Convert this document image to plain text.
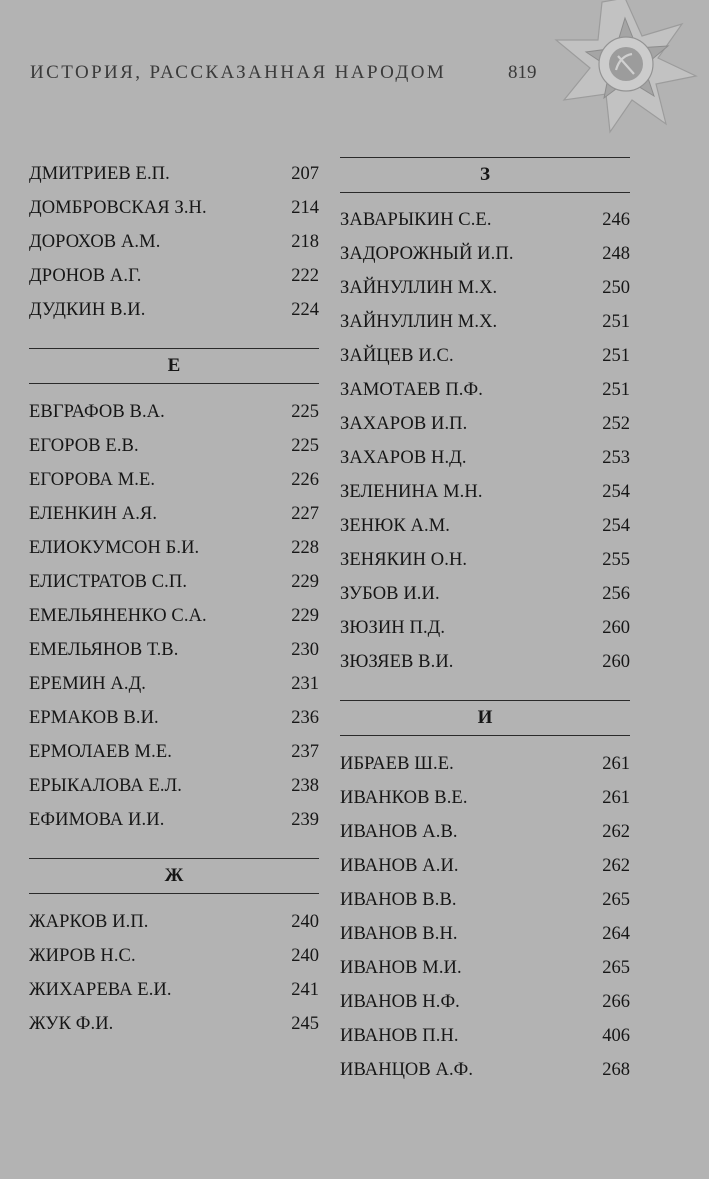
ИСТОРИЯ, РАССКАЗАННАЯ НАРОДОМ	819
ДМИТРИЕВ Е.П.	207
ДОМБРОВСКАЯ З.Н.	214
ДОРОХОВ А.М.	218
ДРОНОВ А.Г.	222
ДУДКИН В.И.	224
Е
ЕВГРАФОВ В.А.	225
ЕГОРОВ Е.В.	225
ЕГОРОВА М.Е.	226
ЕЛЕНКИН А.Я.	227
ЕЛИОКУМСОН Б.И.	228
ЕЛИСТРАТОВ С.П.	229
ЕМЕЛЬЯНЕНКО С.А.	229
ЕМЕЛЬЯНОВ Т.В.	230
ЕРЕМИН А.Д.	231
ЕРМАКОВ В.И.	236
ЕРМОЛАЕВ М.Е.	237
ЕРЫКАЛОВА Е.Л.	238
ЕФИМОВА И.И.	239
Ж
ЖАРКОВ И.П.	240
ЖИРОВ Н.С.	240
ЖИХАРЕВА Е.И.	241
ЖУК Ф.И.	245
З
ЗАВАРЫКИН С.Е.	246
ЗАДОРОЖНЫЙ И.П.	248
ЗАЙНУЛЛИН М.Х.	250
ЗАЙНУЛЛИН М.Х.	251
ЗАЙЦЕВ И.С.	251
ЗАМОТАЕВ П.Ф.	251
ЗАХАРОВ И.П.	252
ЗАХАРОВ Н.Д.	253
ЗЕЛЕНИНА М.Н.	254
ЗЕНЮК А.М.	254
ЗЕНЯКИН О.Н.	255
ЗУБОВ И.И.	256
ЗЮЗИН П.Д.	260
ЗЮЗЯЕВ В.И.	260
И
ИБРАЕВ Ш.Е.	261
ИВАНКОВ В.Е.	261
ИВАНОВ А.В.	262
ИВАНОВ А.И.	262
ИВАНОВ В.В.	265
ИВАНОВ В.Н.	264
ИВАНОВ М.И.	265
ИВАНОВ Н.Ф.	266
ИВАНОВ П.Н.	406
ИВАНЦОВ А.Ф.	268
